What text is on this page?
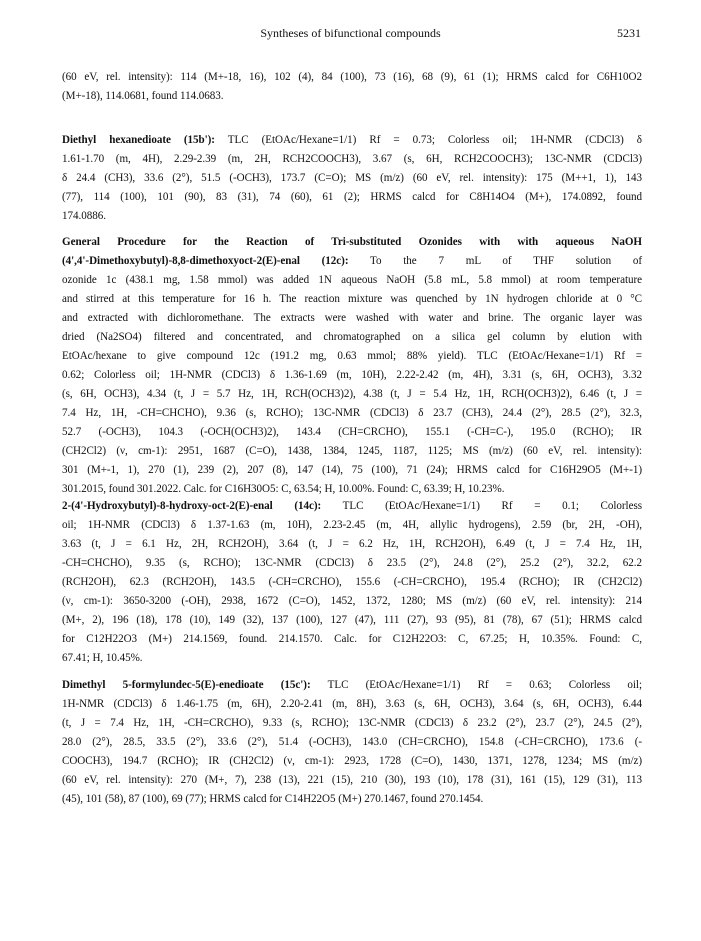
Syntheses of bifunctional compounds	5231
(60 eV, rel. intensity): 114 (M+-18, 16), 102 (4), 84 (100), 73 (16), 68 (9), 61 (1); HRMS calcd for C6H10O2
(M+-18), 114.0681, found 114.0683.
Diethyl hexanedioate (15b'): TLC (EtOAc/Hexane=1/1) Rf = 0.73; Colorless oil; 1H-NMR (CDCl3) δ
1.61-1.70 (m, 4H), 2.29-2.39 (m, 2H, RCH2COOCH3), 3.67 (s, 6H, RCH2COOCH3); 13C-NMR (CDCl3)
δ 24.4 (CH3), 33.6 (2°), 51.5 (-OCH3), 173.7 (C=O); MS (m/z) (60 eV, rel. intensity): 175 (M++1, 1), 143
(77), 114 (100), 101 (90), 83 (31), 74 (60), 61 (2); HRMS calcd for C8H14O4 (M+), 174.0892, found
174.0886.
General Procedure for the Reaction of Tri-substituted Ozonides with with aqueous NaOH
(4',4'-Dimethoxybutyl)-8,8-dimethoxyoct-2(E)-enal (12c): To the 7 mL of THF solution of
ozonide 1c (438.1 mg, 1.58 mmol) was added 1N aqueous NaOH (5.8 mL, 5.8 mmol) at room temperature
and stirred at this temperature for 16 h. The reaction mixture was quenched by 1N hydrogen chloride at 0 °C
and extracted with dichloromethane. The extracts were washed with water and brine. The organic layer was
dried (Na2SO4) filtered and concentrated, and chromatographed on a silica gel column by elution with
EtOAc/hexane to give compound 12c (191.2 mg, 0.63 mmol; 88% yield). TLC (EtOAc/Hexane=1/1) Rf =
0.62; Colorless oil; 1H-NMR (CDCl3) δ 1.36-1.69 (m, 10H), 2.22-2.42 (m, 4H), 3.31 (s, 6H, OCH3), 3.32
(s, 6H, OCH3), 4.34 (t, J = 5.7 Hz, 1H, RCH(OCH3)2), 4.38 (t, J = 5.4 Hz, 1H, RCH(OCH3)2), 6.46 (t, J =
7.4 Hz, 1H, -CH=CHCHO), 9.36 (s, RCHO); 13C-NMR (CDCl3) δ 23.7 (CH3), 24.4 (2°), 28.5 (2°), 32.3,
52.7 (-OCH3), 104.3 (-OCH(OCH3)2), 143.4 (CH=CRCHO), 155.1 (-CH=C-), 195.0 (RCHO); IR
(CH2Cl2) (ν, cm-1): 2951, 1687 (C=O), 1438, 1384, 1245, 1187, 1125; MS (m/z) (60 eV, rel. intensity):
301 (M+-1, 1), 270 (1), 239 (2), 207 (8), 147 (14), 75 (100), 71 (24); HRMS calcd for C16H29O5 (M+-1)
301.2015, found 301.2022. Calc. for C16H30O5: C, 63.54; H, 10.00%. Found: C, 63.39; H, 10.23%.
2-(4'-Hydroxybutyl)-8-hydroxy-oct-2(E)-enal (14c): TLC (EtOAc/Hexane=1/1) Rf = 0.1; Colorless
oil; 1H-NMR (CDCl3) δ 1.37-1.63 (m, 10H), 2.23-2.45 (m, 4H, allylic hydrogens), 2.59 (br, 2H, -OH),
3.63 (t, J = 6.1 Hz, 2H, RCH2OH), 3.64 (t, J = 6.2 Hz, 1H, RCH2OH), 6.49 (t, J = 7.4 Hz, 1H,
-CH=CHCHO), 9.35 (s, RCHO); 13C-NMR (CDCl3) δ 23.5 (2°), 24.8 (2°), 25.2 (2°), 32.2, 62.2
(RCH2OH), 62.3 (RCH2OH), 143.5 (-CH=CRCHO), 155.6 (-CH=CRCHO), 195.4 (RCHO); IR (CH2Cl2)
(ν, cm-1): 3650-3200 (-OH), 2938, 1672 (C=O), 1452, 1372, 1280; MS (m/z) (60 eV, rel. intensity): 214
(M+, 2), 196 (18), 178 (10), 149 (32), 137 (100), 127 (47), 111 (27), 93 (95), 81 (78), 67 (51); HRMS calcd
for C12H22O3 (M+) 214.1569, found. 214.1570. Calc. for C12H22O3: C, 67.25; H, 10.35%. Found: C,
67.41; H, 10.45%.
Dimethyl 5-formylundec-5(E)-enedioate (15c'): TLC (EtOAc/Hexane=1/1) Rf = 0.63; Colorless oil;
1H-NMR (CDCl3) δ 1.46-1.75 (m, 6H), 2.20-2.41 (m, 8H), 3.63 (s, 6H, OCH3), 3.64 (s, 6H, OCH3), 6.44
(t, J = 7.4 Hz, 1H, -CH=CRCHO), 9.33 (s, RCHO); 13C-NMR (CDCl3) δ 23.2 (2°), 23.7 (2°), 24.5 (2°),
28.0 (2°), 28.5, 33.5 (2°), 33.6 (2°), 51.4 (-OCH3), 143.0 (CH=CRCHO), 154.8 (-CH=CRCHO), 173.6 (-
COOCH3), 194.7 (RCHO); IR (CH2Cl2) (ν, cm-1): 2923, 1728 (C=O), 1430, 1371, 1278, 1234; MS (m/z)
(60 eV, rel. intensity): 270 (M+, 7), 238 (13), 221 (15), 210 (30), 193 (10), 178 (31), 161 (15), 129 (31), 113
(45), 101 (58), 87 (100), 69 (77); HRMS calcd for C14H22O5 (M+) 270.1467, found 270.1454.
